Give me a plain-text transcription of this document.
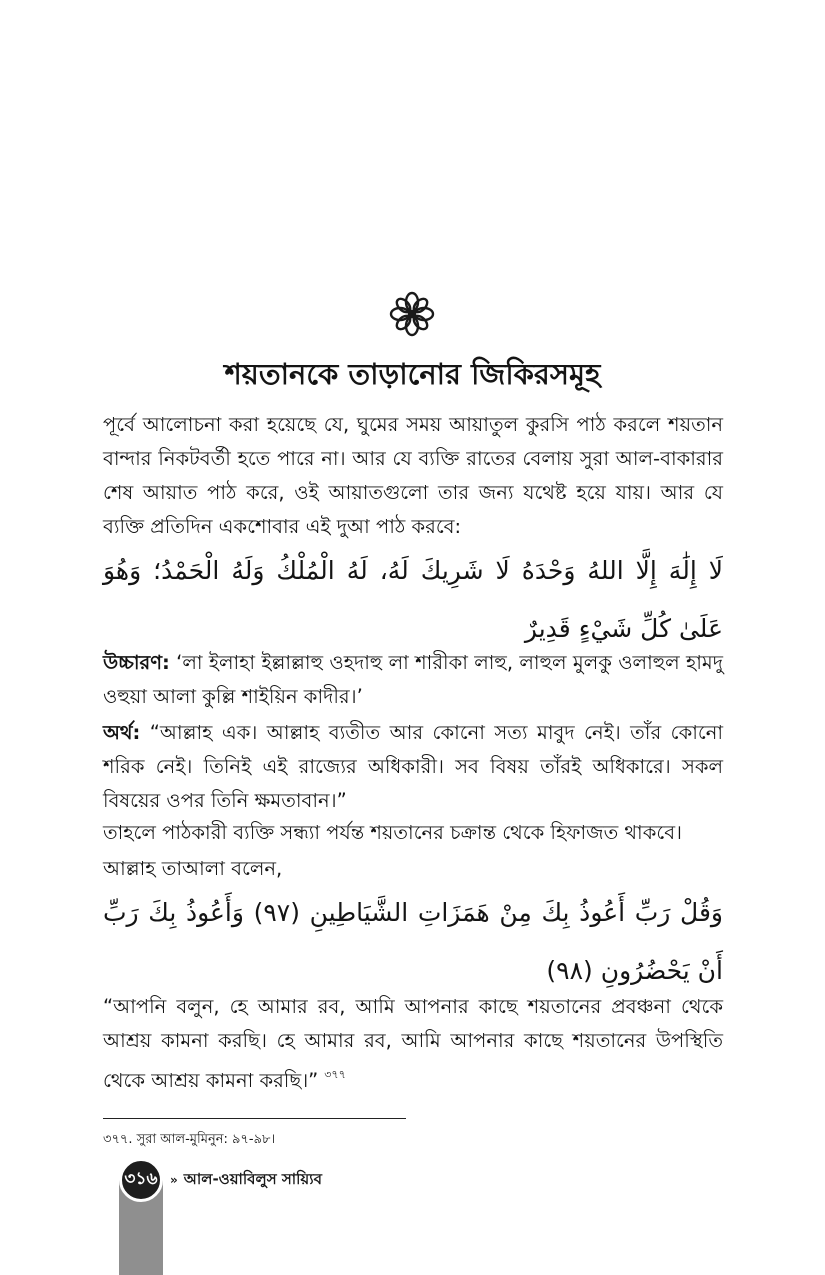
শয়তানকে তাড়ানোর জিকিরসমূহ

পূর্বে আলোচনা করা হয়েছে যে, ঘুমের সময় আয়াতুল কুরসি পাঠ করলে শয়তান বান্দার নিকটবর্তী হতে পারে না। আর যে ব্যক্তি রাতের বেলায় সুরা আল-বাকারার শেষ আয়াত পাঠ করে, ওই আয়াতগুলো তার জন্য যথেষ্ট হয়ে যায়। আর যে ব্যক্তি প্রতিদিন একশোবার এই দুআ পাঠ করবে:

لَا إِلَٰهَ إِلَّا اللهُ وَحْدَهُ لَا شَرِيكَ لَهُ، لَهُ الْمُلْكُ وَلَهُ الْحَمْدُ؛ وَهُوَ عَلَىٰ كُلِّ شَيْءٍ قَدِيرٌ

উচ্চারণ: ‘লা ইলাহা ইল্লাল্লাহু ওহদাহু লা শারীকা লাহু, লাহুল মুলকু ওলাহুল হামদু ওহুয়া আলা কুল্লি শাইয়িন কাদীর।’

অর্থ: “আল্লাহ এক। আল্লাহ ব্যতীত আর কোনো সত্য মাবুদ নেই। তাঁর কোনো শরিক নেই। তিনিই এই রাজ্যের অধিকারী। সব বিষয় তাঁরই অধিকারে। সকল বিষয়ের ওপর তিনি ক্ষমতাবান।”

তাহলে পাঠকারী ব্যক্তি সন্ধ্যা পর্যন্ত শয়তানের চক্রান্ত থেকে হিফাজত থাকবে।

আল্লাহ তাআলা বলেন,

وَقُلْ رَبِّ أَعُوذُ بِكَ مِنْ هَمَزَاتِ الشَّيَاطِينِ (٩٧) وَأَعُوذُ بِكَ رَبِّ أَنْ يَحْضُرُونِ (٩٨)

“আপনি বলুন, হে আমার রব, আমি আপনার কাছে শয়তানের প্রবঞ্চনা থেকে আশ্রয় কামনা করছি। হে আমার রব, আমি আপনার কাছে শয়তানের উপস্থিতি থেকে আশ্রয় কামনা করছি।” $^{৩৭৭}$

৩৭৭. সুরা আল-মুমিনুন: ৯৭-৯৮।

৩১৬ » আল-ওয়াবিলুস সায়্যিব
